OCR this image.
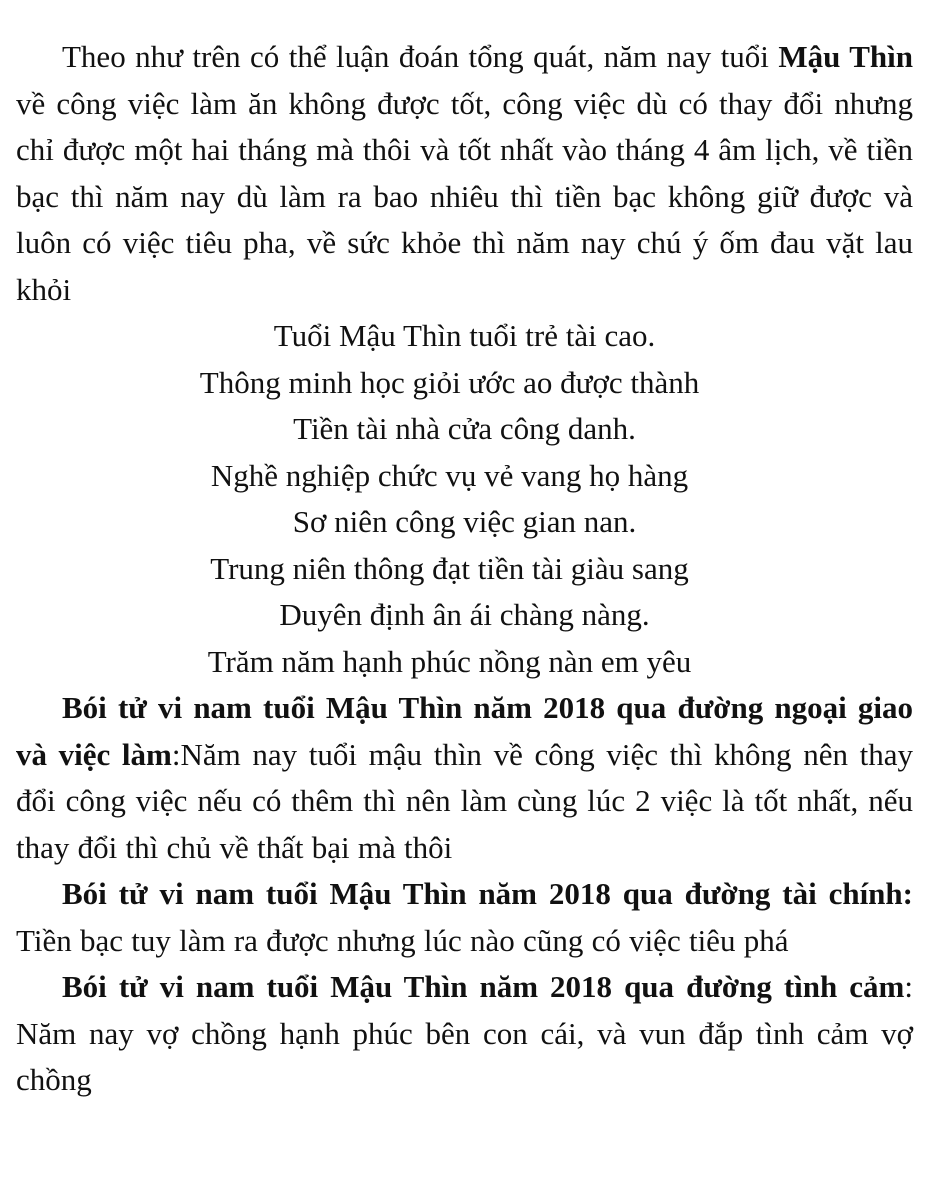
Theo như trên có thể luận đoán tổng quát, năm nay tuổi Mậu Thìn về công việc làm ăn không được tốt, công việc dù có thay đổi nhưng chỉ được một hai tháng mà thôi và tốt nhất vào tháng 4 âm lịch, về tiền bạc thì năm nay dù làm ra bao nhiêu thì tiền bạc không giữ được và luôn có việc tiêu pha, về sức khỏe thì năm nay chú ý ốm đau vặt lau khỏi

Tuổi Mậu Thìn tuổi trẻ tài cao.
Thông minh học giỏi ước ao được thành
Tiền tài nhà cửa công danh.
Nghề nghiệp chức vụ vẻ vang họ hàng
Sơ niên công việc gian nan.
Trung niên thông đạt tiền tài giàu sang
Duyên định ân ái chàng nàng.
Trăm năm hạnh phúc nồng nàn em yêu

Bói tử vi nam tuổi Mậu Thìn năm 2018 qua đường ngoại giao và việc làm:Năm nay tuổi mậu thìn về công việc thì không nên thay đổi công việc nếu có thêm thì nên làm cùng lúc 2 việc là tốt nhất, nếu thay đổi thì chủ về thất bại mà thôi

Bói tử vi nam tuổi Mậu Thìn năm 2018 qua đường tài chính: Tiền bạc tuy làm ra được nhưng lúc nào cũng có việc tiêu phá

Bói tử vi nam tuổi Mậu Thìn năm 2018 qua đường tình cảm: Năm nay vợ chồng hạnh phúc bên con cái, và vun đắp tình cảm vợ chồng
